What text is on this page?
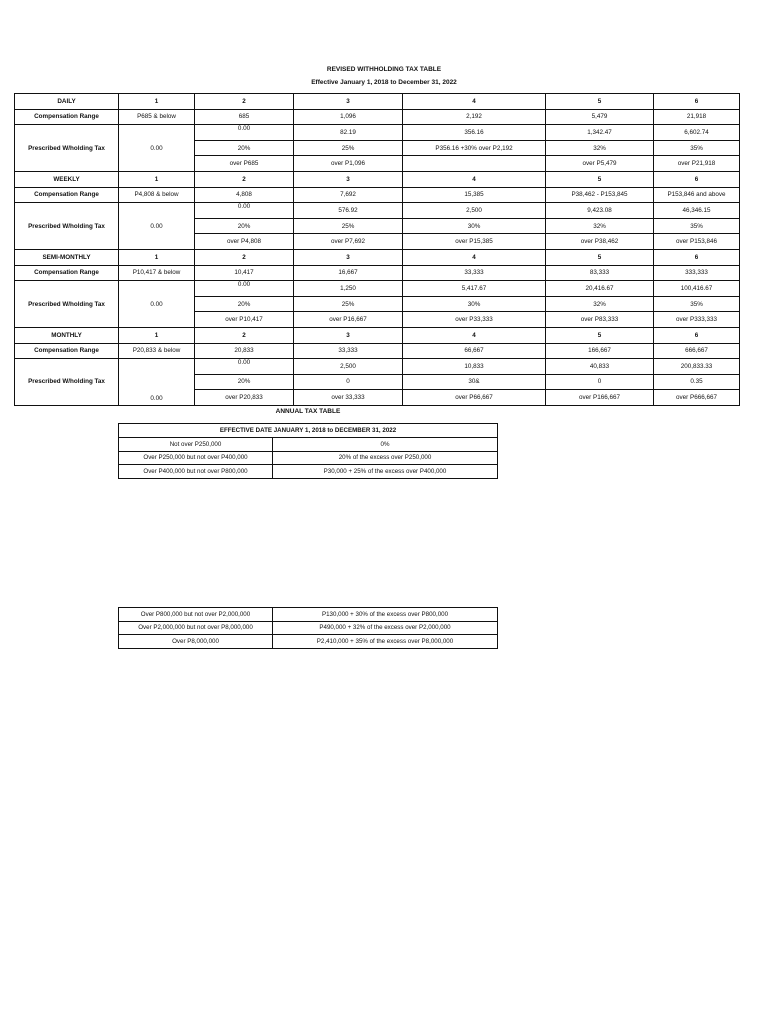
REVISED WITHHOLDING TAX TABLE
Effective January 1, 2018 to December 31, 2022
DAILY	1	2	3	4	5	6
Compensation Range	P685 & below	685	1,096	2,192	5,479	21,918
Prescribed W/holding Tax	0.00	0.00	82.19	356.16	1,342.47	6,602.74
		20%	25%	P356.16 +30% over P2,192	32%	35%
		over P685	over P1,096		over P5,479	over P21,918
WEEKLY	1	2	3	4	5	6
Compensation Range	P4,808 & below	4,808	7,692	15,385	P38,462 - P153,845	P153,846 and above
Prescribed W/holding Tax	0.00	0.00	576.92	2,500	9,423.08	46,346.15
		20%	25%	30%	32%	35%
		over P4,808	over P7,692	over P15,385	over P38,462	over P153,846
SEMI-MONTHLY	1	2	3	4	5	6
Compensation Range	P10,417 & below	10,417	16,667	33,333	83,333	333,333
Prescribed W/holding Tax	0.00	0.00	1,250	5,417.67	20,416.67	100,416.67
		20%	25%	30%	32%	35%
		over P10,417	over P16,667	over P33,333	over P83,333	over P333,333
MONTHLY	1	2	3	4	5	6
Compensation Range	P20,833 & below	20,833	33,333	66,667	166,667	666,667
Prescribed W/holding Tax	0.00	0.00	2,500	10,833	40,833	200,833.33
		20%	0	30&	0	0.35
		over P20,833	over 33,333	over P66,667	over P166,667	over P666,667
ANNUAL TAX TABLE
EFFECTIVE DATE JANUARY 1, 2018 to DECEMBER 31, 2022	
Not over P250,000	0%
Over P250,000 but not over P400,000	20% of the excess over P250,000
Over P400,000 but not over P800,000	P30,000 + 25% of the excess over P400,000
Over P800,000 but not over P2,000,000	P130,000 + 30% of the excess over P800,000
Over P2,000,000 but not over P8,000,000	P490,000 + 32% of the excess over P2,000,000
Over P8,000,000	P2,410,000 + 35% of the excess over P8,000,000
